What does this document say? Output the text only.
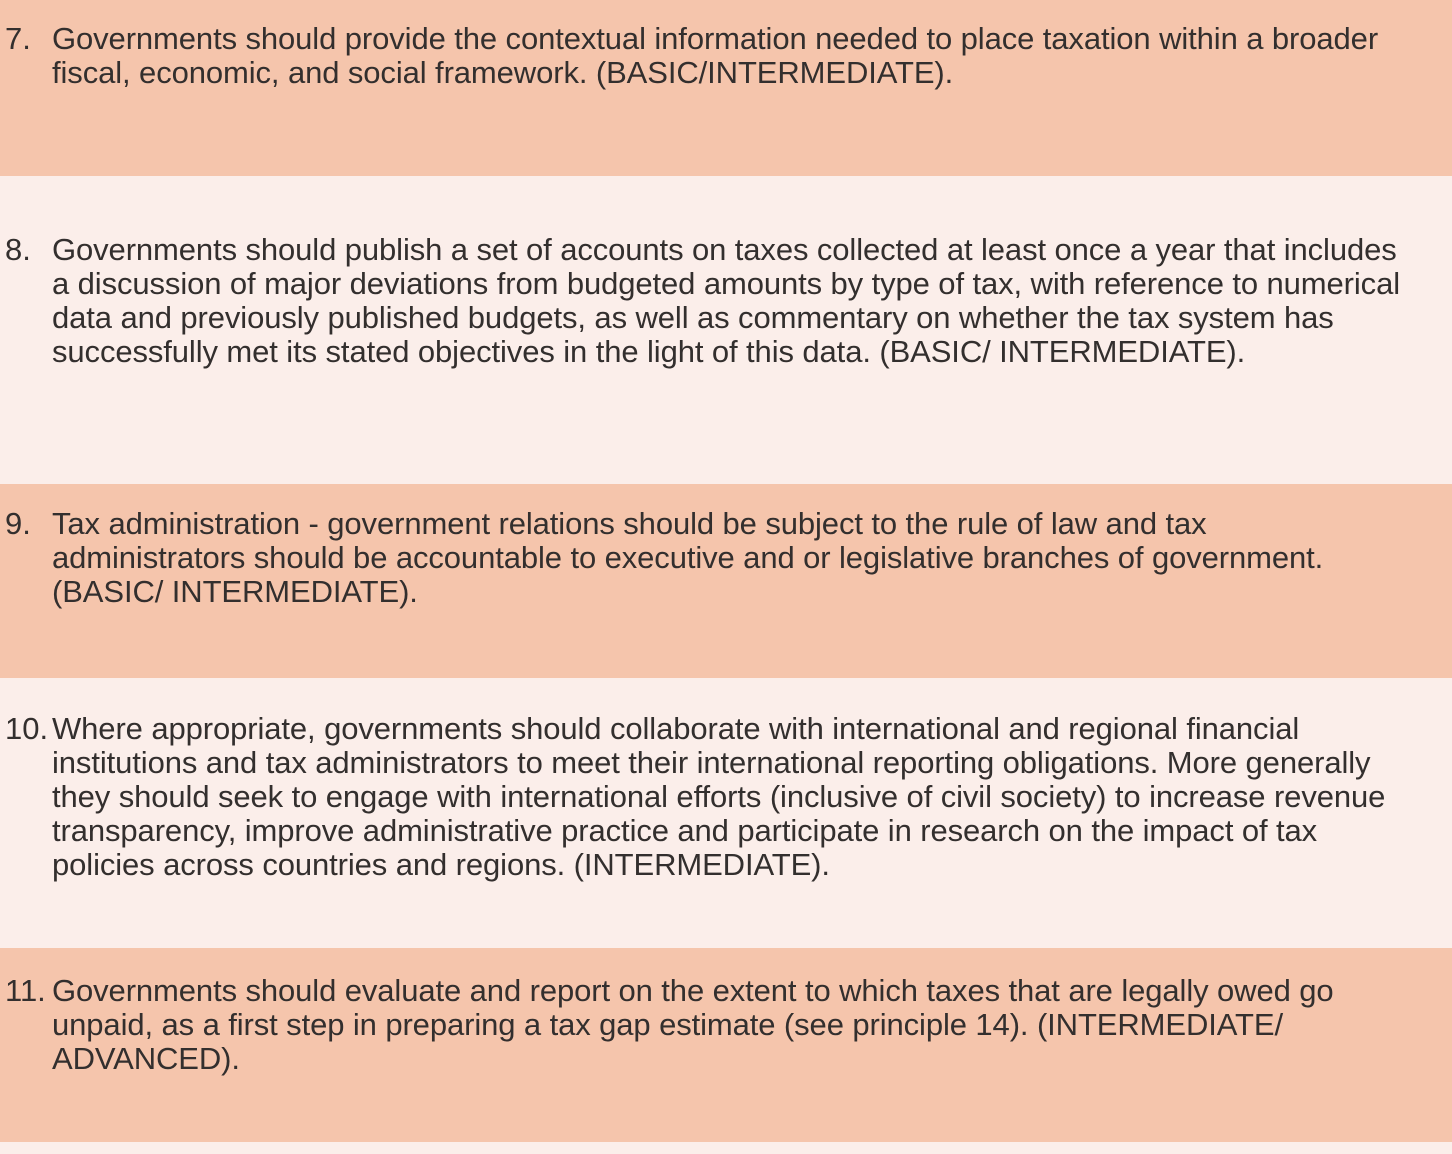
7. Governments should provide the contextual information needed to place taxation within a broader fiscal, economic, and social framework. (BASIC/INTERMEDIATE).
8. Governments should publish a set of accounts on taxes collected at least once a year that includes a discussion of major deviations from budgeted amounts by type of tax, with reference to numerical data and previously published budgets, as well as commentary on whether the tax system has successfully met its stated objectives in the light of this data. (BASIC/ INTERMEDIATE).
9. Tax administration - government relations should be subject to the rule of law and tax administrators should be accountable to executive and or legislative branches of government. (BASIC/ INTERMEDIATE).
10. Where appropriate, governments should collaborate with international and regional financial institutions and tax administrators to meet their international reporting obligations. More generally they should seek to engage with international efforts (inclusive of civil society) to increase revenue transparency, improve administrative practice and participate in research on the impact of tax policies across countries and regions. (INTERMEDIATE).
11. Governments should evaluate and report on the extent to which taxes that are legally owed go unpaid, as a first step in preparing a tax gap estimate (see principle 14). (INTERMEDIATE/ ADVANCED).
